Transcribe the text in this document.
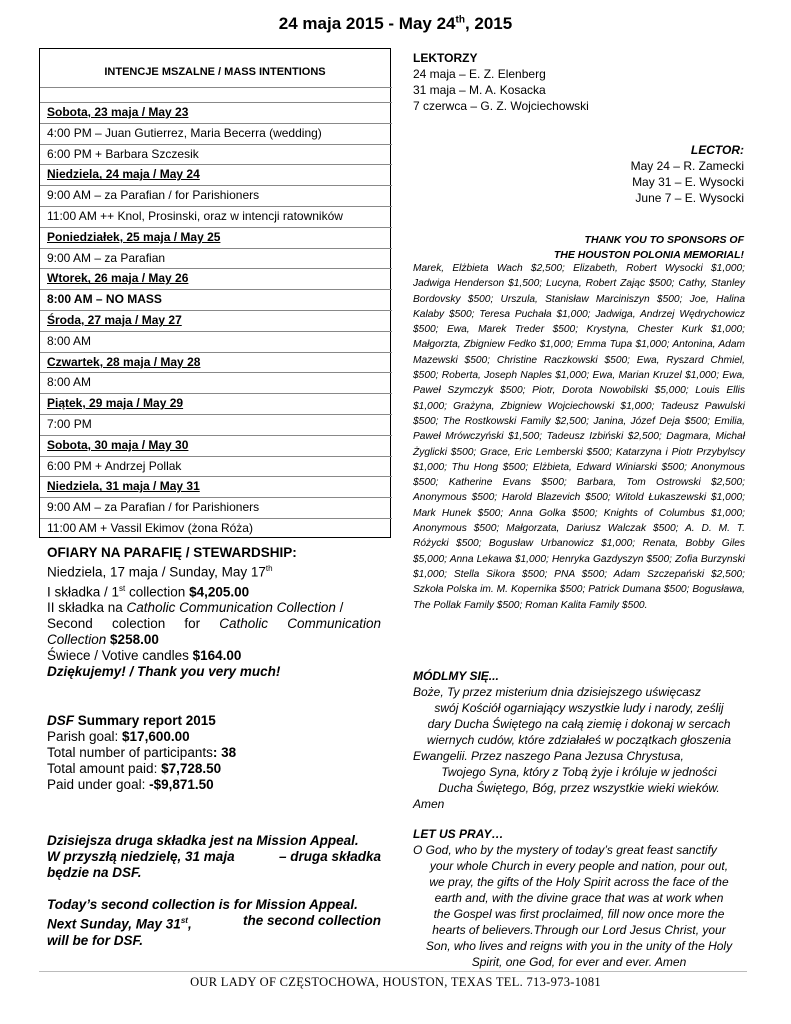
24 maja 2015 - May 24th, 2015
INTENCJE MSZALNE / MASS INTENTIONS
Sobota, 23 maja / May 23
4:00 PM – Juan Gutierrez, Maria Becerra (wedding)
6:00 PM + Barbara Szczesik
Niedziela, 24 maja / May 24
9:00 AM – za Parafian / for Parishioners
11:00 AM ++ Knol, Prosinski, oraz w intencji ratowników
Poniedziałek, 25 maja / May 25
9:00 AM – za Parafian
Wtorek, 26 maja / May 26
8:00 AM – NO MASS
Środa, 27 maja / May 27
8:00 AM
Czwartek, 28 maja / May 28
8:00 AM
Piątek, 29 maja / May 29
7:00 PM
Sobota, 30 maja / May 30
6:00 PM + Andrzej Pollak
Niedziela, 31 maja / May 31
9:00 AM – za Parafian / for Parishioners
11:00 AM + Vassil Ekimov (żona Róża)
OFIARY NA PARAFIĘ / STEWARDSHIP:
Niedziela, 17 maja / Sunday, May 17th
I składka / 1st collection $4,205.00
II składka na Catholic Communication Collection /
Second colection for Catholic Communication
Collection $258.00
Świece / Votive candles $164.00
Dziękujemy! / Thank you very much!
DSF Summary report 2015
Parish goal: $17,600.00
Total number of participants: 38
Total amount paid: $7,728.50
Paid under goal: -$9,871.50
Dzisiejsza druga składka jest na Mission Appeal.
W przyszłą niedzielę, 31 maja	– druga składka
będzie na DSF.
Today’s second collection is for Mission Appeal.
Next Sunday, May 31st,	the second collection
will be for DSF.
LEKTORZY
24 maja – E. Z. Elenberg
31 maja – M. A. Kosacka
7 czerwca – G. Z. Wojciechowski
LECTOR:
May 24 – R. Zamecki
May 31 – E. Wysocki
June 7 – E. Wysocki
THANK YOU TO SPONSORS OF
THE HOUSTON POLONIA MEMORIAL!
Marek, Elżbieta Wach $2,500; Elizabeth, Robert Wysocki $1,000; Jadwiga Henderson $1,500; Lucyna, Robert Zając $500; Cathy, Stanley Bordovsky $500; Urszula, Stanisław Marciniszyn $500; Joe, Halina Kalaby $500; Teresa Puchała $1,000; Jadwiga, Andrzej Wędrychowicz $500; Ewa, Marek Treder $500; Krystyna, Chester Kurk $1,000; Małgorzta, Zbigniew Fedko $1,000; Emma Tupa $1,000; Antonina, Adam Mazewski $500; Christine Raczkowski $500; Ewa, Ryszard Chmiel, $500; Roberta, Joseph Naples $1,000; Ewa, Marian Kruzel $1,000; Ewa, Paweł Szymczyk $500; Piotr, Dorota Nowobilski $5,000; Louis Ellis $1,000; Grażyna, Zbigniew Wojciechowski $1,000; Tadeusz Pawulski $500; The Rostkowski Family $2,500; Janina, Józef Deja $500; Emilia, Paweł Mrówczyński $1,500; Tadeusz Izbiński $2,500; Dagmara, Michał Żyglicki $500; Grace, Eric Lemberski $500; Katarzyna i Piotr Przybylscy $1,000; Thu Hong $500; Elżbieta, Edward Winiarski $500; Anonymous $500; Katherine Evans $500; Barbara, Tom Ostrowski $2,500; Anonymous $500; Harold Blazevich $500; Witold Łukaszewski $1,000; Mark Hunek $500; Anna Golka $500; Knights of Columbus $1,000; Anonymous $500; Małgorzata, Dariusz Walczak $500; A. D. M. T. Różycki $500; Bogusław Urbanowicz $1,000; Renata, Bobby Giles $5,000; Anna Lekawa $1,000; Henryka Gazdyszyn $500; Zofia Burzynski $1,000; Stella Sikora $500; PNA $500; Adam Szczepański $2,500; Szkoła Polska im. M. Kopernika $500; Patrick Dumana $500; Bogusława, The Pollak Family $500; Roman Kalita Family $500.
MÓDLMY SIĘ...
Boże, Ty przez misterium dnia dzisiejszego uświęcasz
swój Kościół ogarniający wszystkie ludy i narody, ześlij
dary Ducha Świętego na całą ziemię i dokonaj w sercach
wiernych cudów, które zdziałałeś w początkach głoszenia
Ewangelii. Przez naszego Pana Jezusa Chrystusa,
Twojego Syna, który z Tobą żyje i króluje w jedności
Ducha Świętego, Bóg, przez wszystkie wieki wieków.
Amen
LET US PRAY…
O God, who by the mystery of today’s great feast sanctify
your whole Church in every people and nation, pour out,
we pray, the gifts of the Holy Spirit across the face of the
earth and, with the divine grace that was at work when
the Gospel was first proclaimed, fill now once more the
hearts of believers.Through our Lord Jesus Christ, your
Son, who lives and reigns with you in the unity of the Holy
Spirit, one God, for ever and ever. Amen
OUR LADY OF CZĘSTOCHOWA, HOUSTON, TEXAS TEL. 713-973-1081
